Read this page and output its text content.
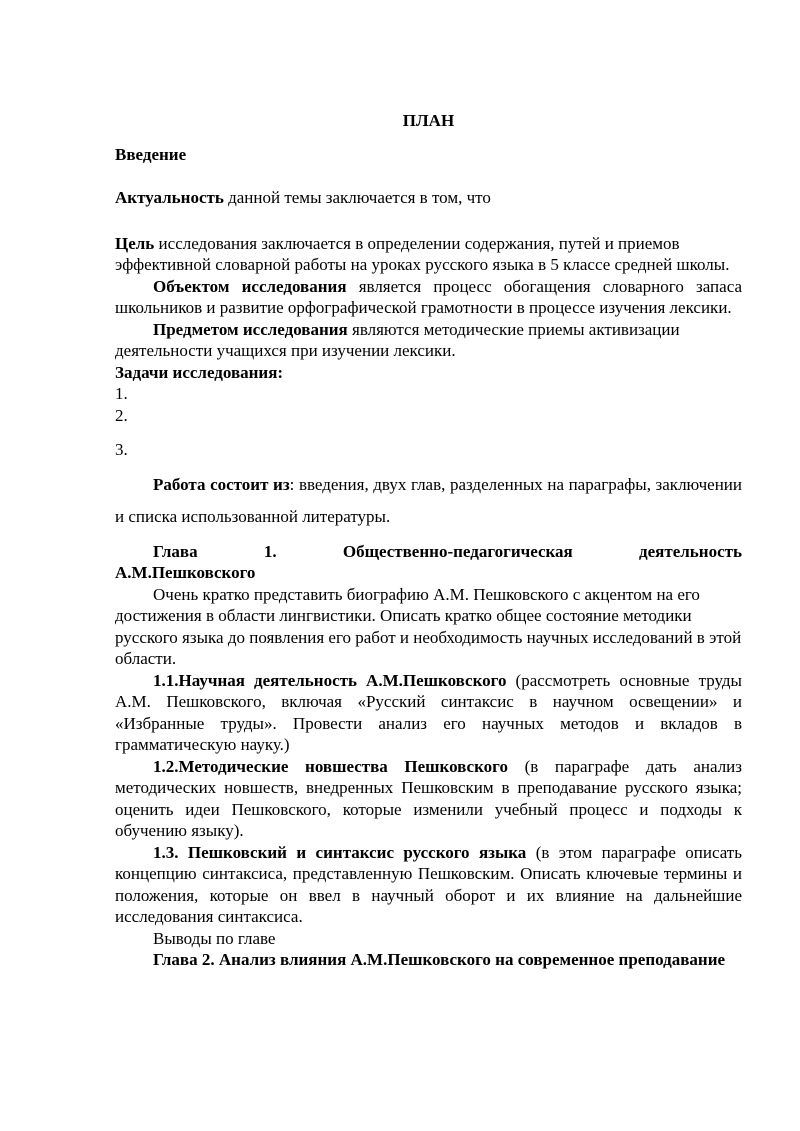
ПЛАН

Введение

Актуальность данной темы заключается в том, что

Цель исследования заключается в определении содержания, путей и приемов эффективной словарной работы на уроках русского языка в 5 классе средней школы.

Объектом исследования является процесс обогащения словарного запаса школьников и развитие орфографической грамотности в процессе изучения лексики.

Предметом исследования являются методические приемы активизации деятельности учащихся при изучении лексики.

Задачи исследования:

1.

2.

3.

Работа состоит из: введения, двух глав, разделенных на параграфы, заключении и списка использованной литературы.

Глава	1.	Общественно-педагогическая	деятельность

А.М.Пешковского

Очень кратко представить биографию А.М. Пешковского с акцентом на его достижения в области лингвистики. Описать кратко общее состояние методики русского языка до появления его работ и необходимость научных исследований в этой области.

1.1.Научная деятельность А.М.Пешковского (рассмотреть основные труды А.М. Пешковского, включая «Русский синтаксис в научном освещении» и «Избранные труды». Провести анализ его научных методов и вкладов в грамматическую науку.)

1.2.Методические новшества Пешковского (в параграфе дать анализ методических новшеств, внедренных Пешковским в преподавание русского языка; оценить идеи Пешковского, которые изменили учебный процесс и подходы к обучению языку).

1.3. Пешковский и синтаксис русского языка (в этом параграфе описать концепцию синтаксиса, представленную Пешковским. Описать ключевые термины и положения, которые он ввел в научный оборот и их влияние на дальнейшие исследования синтаксиса.

Выводы по главе

Глава 2. Анализ влияния А.М.Пешковского на современное преподавание
